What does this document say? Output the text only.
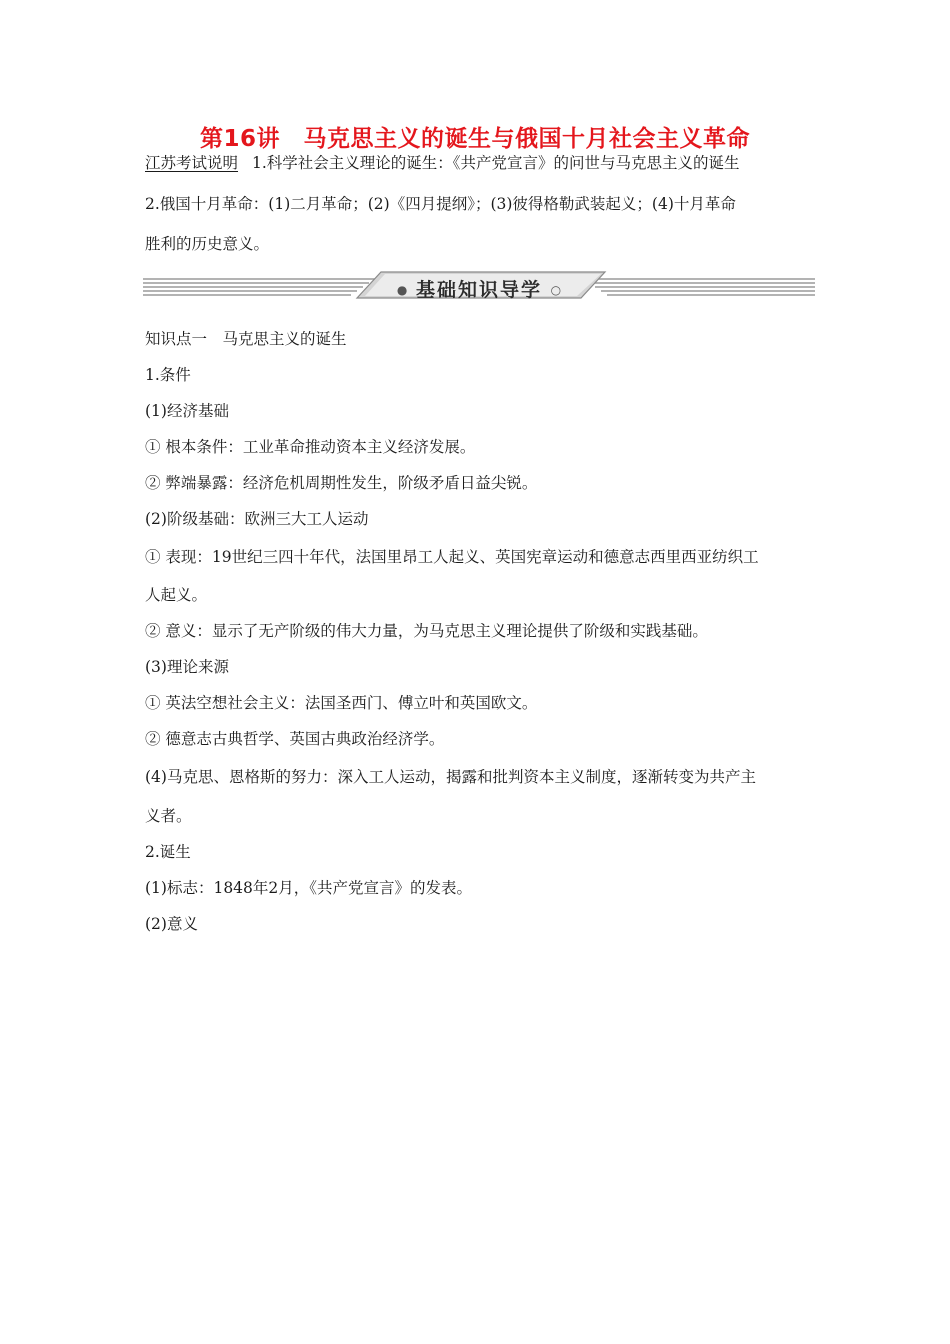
第16讲　马克思主义的诞生与俄国十月社会主义革命
江苏考试说明 1.科学社会主义理论的诞生：《共产党宣言》的问世与马克思主义的诞生
2.俄国十月革命：(1)二月革命；(2)《四月提纲》；(3)彼得格勒武装起义；(4)十月革命
胜利的历史意义。
● 基础知识导学 ○
知识点一　马克思主义的诞生
1.条件
(1)经济基础
① 根本条件：工业革命推动资本主义经济发展。
② 弊端暴露：经济危机周期性发生，阶级矛盾日益尖锐。
(2)阶级基础：欧洲三大工人运动
① 表现：19世纪三四十年代，法国里昂工人起义、英国宪章运动和德意志西里西亚纺织工
人起义。
② 意义：显示了无产阶级的伟大力量，为马克思主义理论提供了阶级和实践基础。
(3)理论来源
① 英法空想社会主义：法国圣西门、傅立叶和英国欧文。
② 德意志古典哲学、英国古典政治经济学。
(4)马克思、恩格斯的努力：深入工人运动，揭露和批判资本主义制度，逐渐转变为共产主
义者。
2.诞生
(1)标志：1848年2月，《共产党宣言》的发表。
(2)意义
